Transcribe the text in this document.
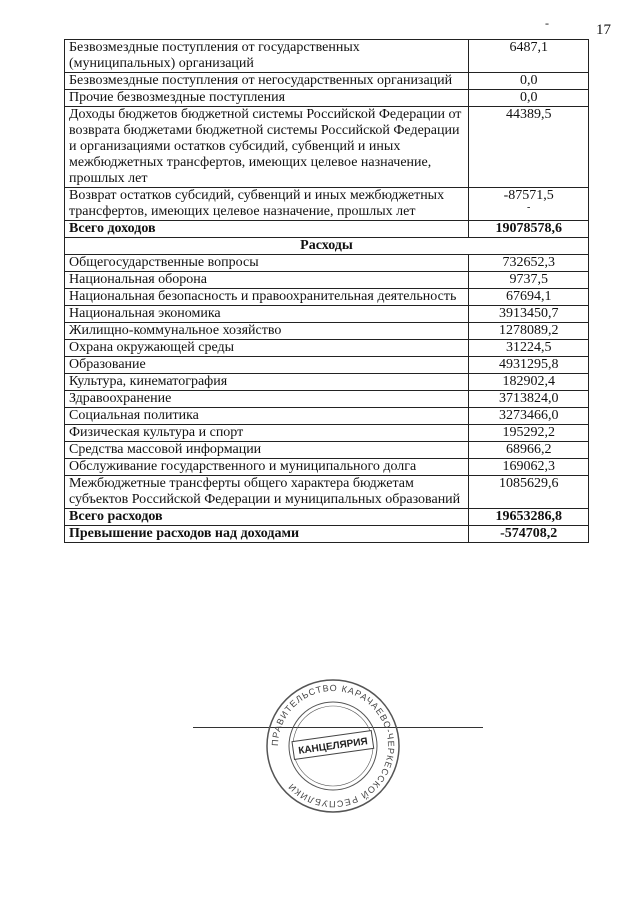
-	17
Безвозмездные поступления от государственных (муниципальных) организаций	6487,1
Безвозмездные поступления от негосударственных организаций	0,0
Прочие безвозмездные поступления	0,0
Доходы бюджетов бюджетной системы Российской Федерации от возврата бюджетами бюджетной системы Российской Федерации и организациями остатков субсидий, субвенций и иных межбюджетных трансфертов, имеющих целевое назначение, прошлых лет	44389,5
Возврат остатков субсидий, субвенций и иных межбюджетных трансфертов, имеющих целевое назначение, прошлых лет	-87571,5
-

Всего доходов	19078578,6
Расходы	
Общегосударственные вопросы	732652,3
Национальная оборона	9737,5
Национальная безопасность и правоохранительная деятельность	67694,1
Национальная экономика	3913450,7
Жилищно-коммунальное хозяйство	1278089,2
Охрана окружающей среды	31224,5
Образование	4931295,8
Культура, кинематография	182902,4
Здравоохранение	3713824,0
Социальная политика	3273466,0
Физическая культура и спорт	195292,2
Средства массовой информации	68966,2
Обслуживание государственного и муниципального долга	169062,3
Межбюджетные трансферты общего характера бюджетам субъектов Российской Федерации и муниципальных образований	1085629,6
Всего расходов	19653286,8
Превышение расходов над доходами	-574708,2
ПРАВИТЕЛЬСТВО КАРАЧАЕВО-ЧЕРКЕССКОЙ РЕСПУБЛИКИ
КАНЦЕЛЯРИЯ
